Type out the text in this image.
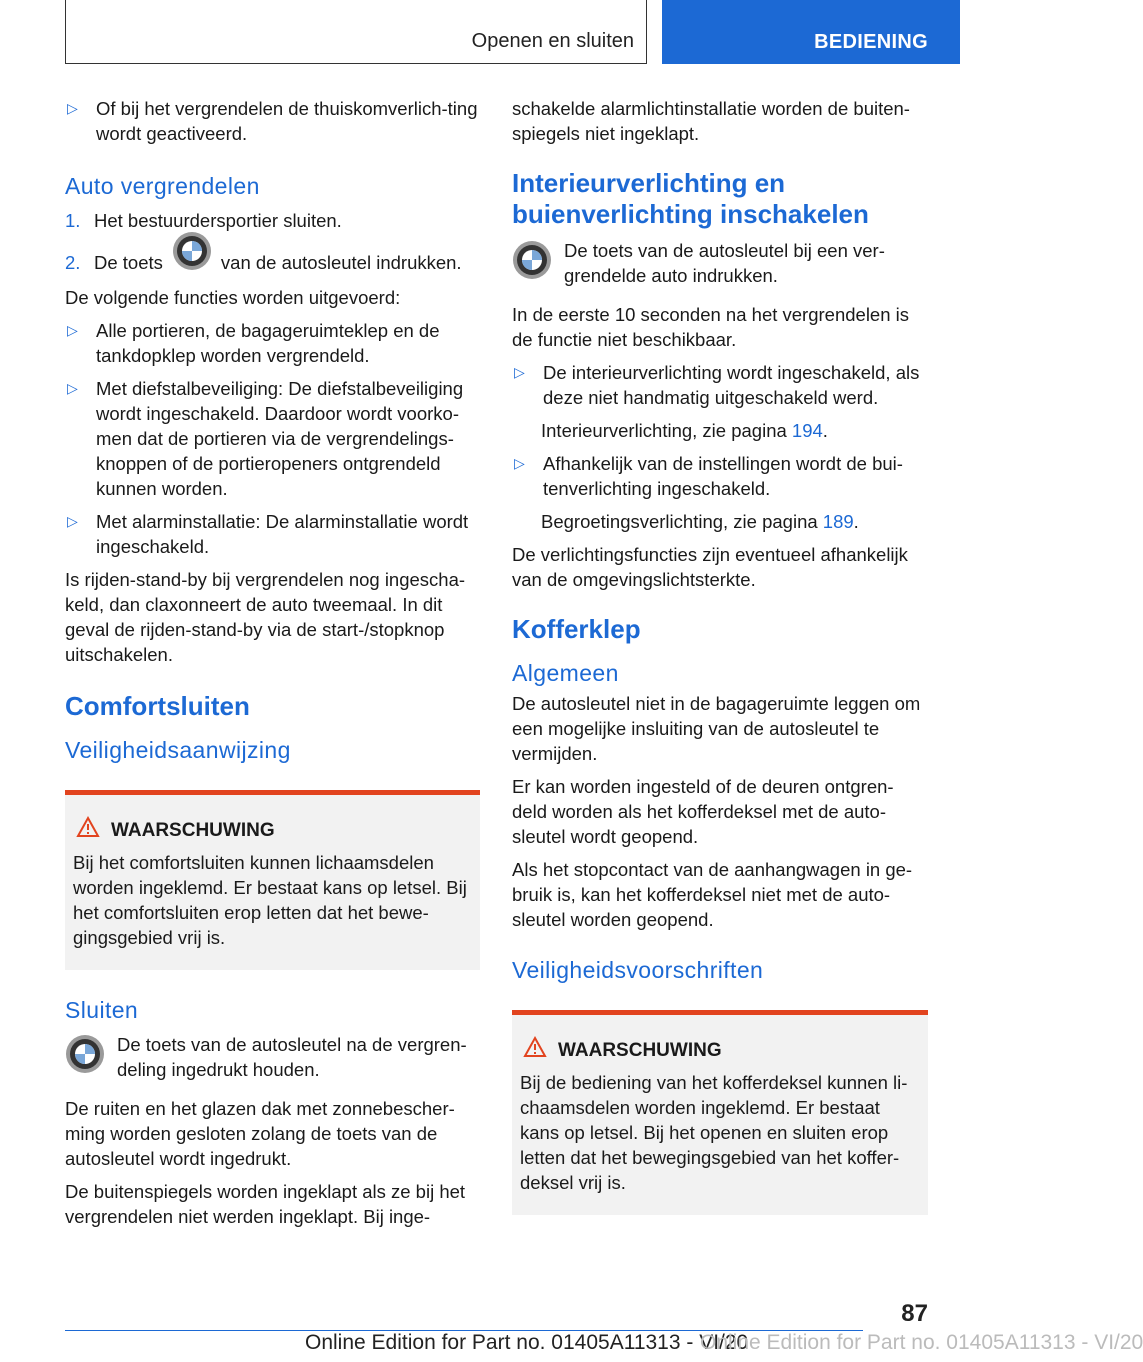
Openen en sluiten	BEDIENING
▷ Of bij het vergrendelen de thuiskomverlich-ting wordt geactiveerd.
Auto vergrendelen
1. Het bestuurdersportier sluiten.
2. De toets	van de autosleutel indrukken.

De volgende functies worden uitgevoerd:

▷ Alle portieren, de bagageruimteklep en de tankdopklep worden vergrendeld.
▷ Met diefstalbeveiliging: De diefstalbeveiliging wordt ingeschakeld. Daardoor wordt voorko-men dat de portieren via de vergrendelings-knoppen of de portieropeners ontgrendeld kunnen worden.
▷ Met alarminstallatie: De alarminstallatie wordt ingeschakeld.

Is rijden-stand-by bij vergrendelen nog ingescha-keld, dan claxonneert de auto tweemaal. In dit geval de rijden-stand-by via de start-/stopknop uitschakelen.

Comfortsluiten
Veiligheidsaanwijzing
WAARSCHUWING
Bij het comfortsluiten kunnen lichaamsdelen worden ingeklemd. Er bestaat kans op letsel. Bij het comfortsluiten erop letten dat het bewe-gingsgebied vrij is.
Sluiten
De toets van de autosleutel na de vergren-deling ingedrukt houden.

De ruiten en het glazen dak met zonnebescher-ming worden gesloten zolang de toets van de autosleutel wordt ingedrukt.

De buitenspiegels worden ingeklapt als ze bij het vergrendelen niet werden ingeklapt. Bij inge-

schakelde alarmlichtinstallatie worden de buiten-spiegels niet ingeklapt.

Interieurverlichting en buienverlichting inschakelen
De toets van de autosleutel bij een ver-grendelde auto indrukken.

In de eerste 10 seconden na het vergrendelen is de functie niet beschikbaar.

▷ De interieurverlichting wordt ingeschakeld, als deze niet handmatig uitgeschakeld werd.

Interieurverlichting, zie pagina 194.

▷ Afhankelijk van de instellingen wordt de bui-tenverlichting ingeschakeld.

Begroetingsverlichting, zie pagina 189.

De verlichtingsfuncties zijn eventueel afhankelijk van de omgevingslichtsterkte.

Kofferklep
Algemeen

De autosleutel niet in de bagageruimte leggen om een mogelijke insluiting van de autosleutel te vermijden.

Er kan worden ingesteld of de deuren ontgren-deld worden als het kofferdeksel met de auto-sleutel wordt geopend.

Als het stopcontact van de aanhangwagen in ge-bruik is, kan het kofferdeksel niet met de auto-sleutel worden geopend.

Veiligheidsvoorschriften
WAARSCHUWING
Bij de bediening van het kofferdeksel kunnen li-chaamsdelen worden ingeklemd. Er bestaat kans op letsel. Bij het openen en sluiten erop letten dat het bewegingsgebied van het koffer-deksel vrij is.
87
Online Edition for Part no. 01405A11313 - VI/20
Online Edition for Part no. 01405A11313 - VI/20
